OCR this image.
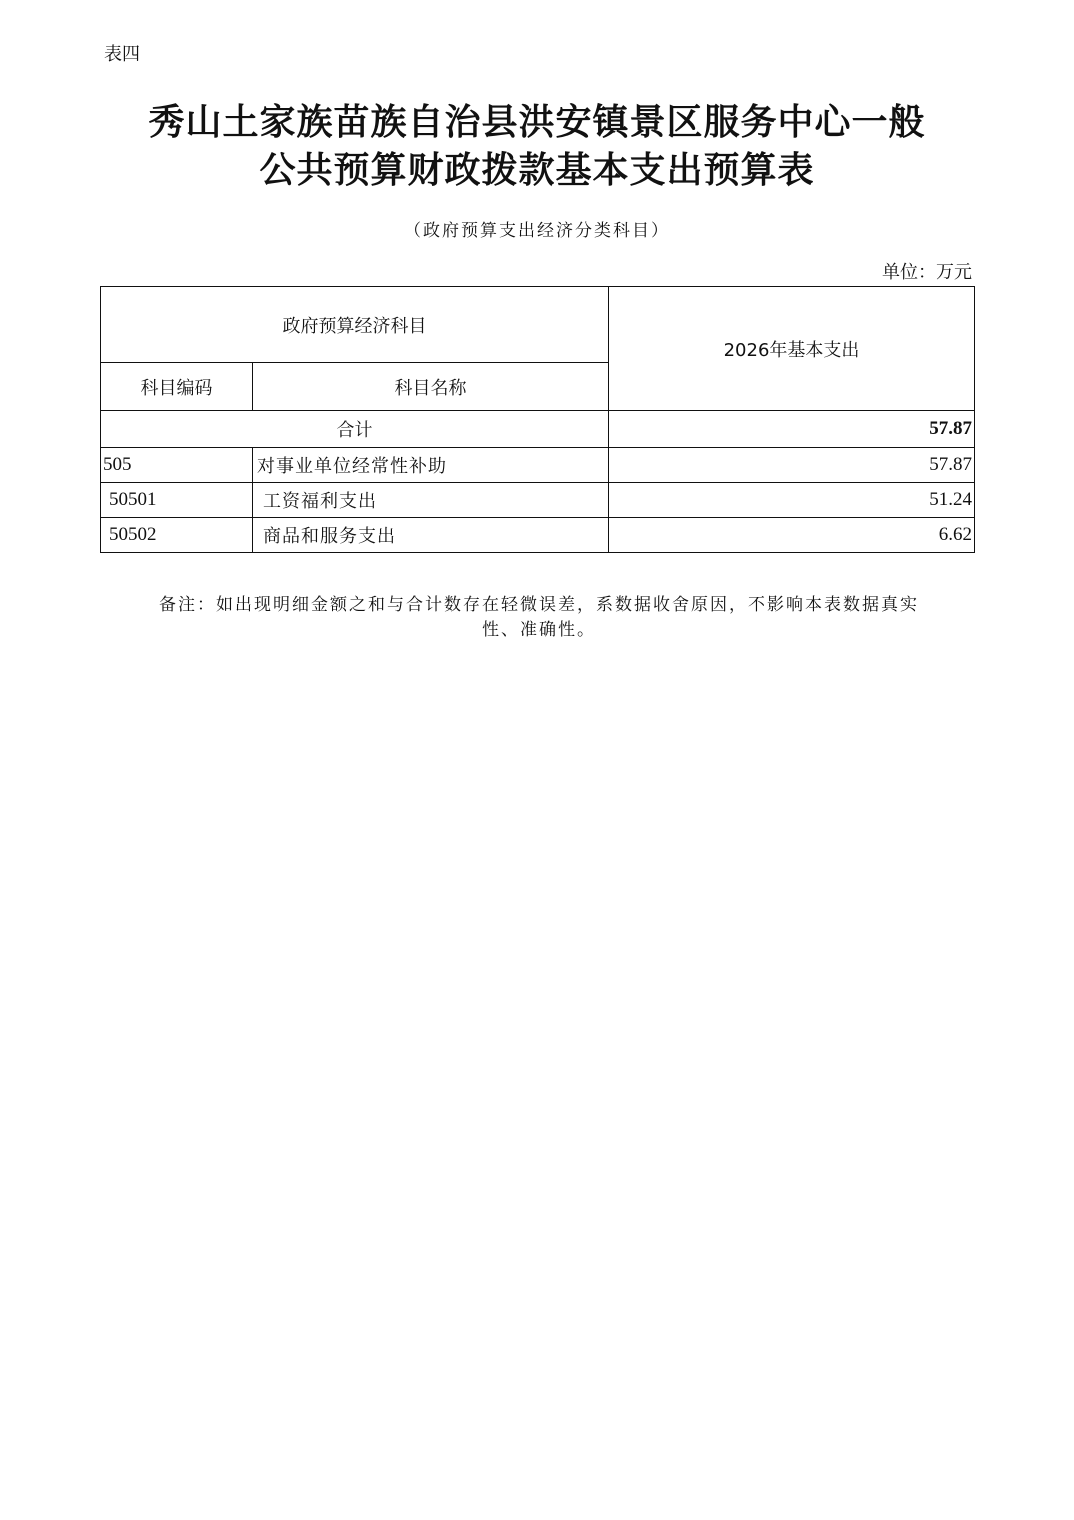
表四
秀山土家族苗族自治县洪安镇景区服务中心一般
公共预算财政拨款基本支出预算表
（政府预算支出经济分类科目）
单位：万元
政府预算经济科目		2026年基本支出
科目编码	科目名称	
合计		57.87
505	对事业单位经常性补助	57.87
50501	工资福利支出	51.24
50502	商品和服务支出	6.62
备注：如出现明细金额之和与合计数存在轻微误差，系数据收舍原因，不影响本表数据真实
性、准确性。
